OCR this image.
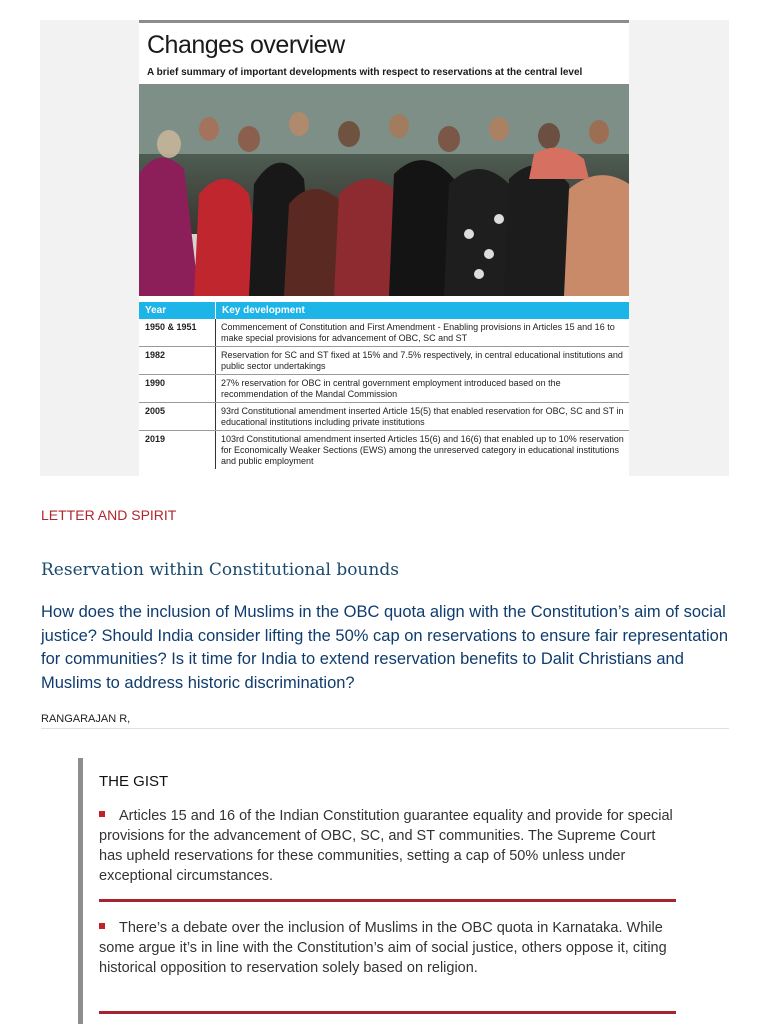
Changes overview
A brief summary of important developments with respect to reservations at the central level
Year	Key development
1950 & 1951	Commencement of Constitution and First Amendment - Enabling provisions in Articles 15 and 16 to make special provisions for advancement of OBC, SC and ST
1982	Reservation for SC and ST fixed at 15% and 7.5% respectively, in central educational institutions and public sector undertakings
1990	27% reservation for OBC in central government employment introduced based on the recommendation of the Mandal Commission
2005	93rd Constitutional amendment inserted Article 15(5) that enabled reservation for OBC, SC and ST in educational institutions including private institutions
2019	103rd Constitutional amendment inserted Articles 15(6) and 16(6) that enabled up to 10% reservation for Economically Weaker Sections (EWS) among the unreserved category in educational institutions and public employment
LETTER AND SPIRIT
Reservation within Constitutional bounds
How does the inclusion of Muslims in the OBC quota align with the Constitution’s aim of social justice? Should India consider lifting the 50% cap on reservations to ensure fair representation for communities? Is it time for India to extend reservation benefits to Dalit Christians and Muslims to address historic discrimination?
RANGARAJAN R,
THE GIST
Articles 15 and 16 of the Indian Constitution guarantee equality and provide for special provisions for the advancement of OBC, SC, and ST communities. The Supreme Court has upheld reservations for these communities, setting a cap of 50% unless under exceptional circumstances.
There’s a debate over the inclusion of Muslims in the OBC quota in Karnataka. While some argue it’s in line with the Constitution’s aim of social justice, others oppose it, citing historical opposition to reservation solely based on religion.
